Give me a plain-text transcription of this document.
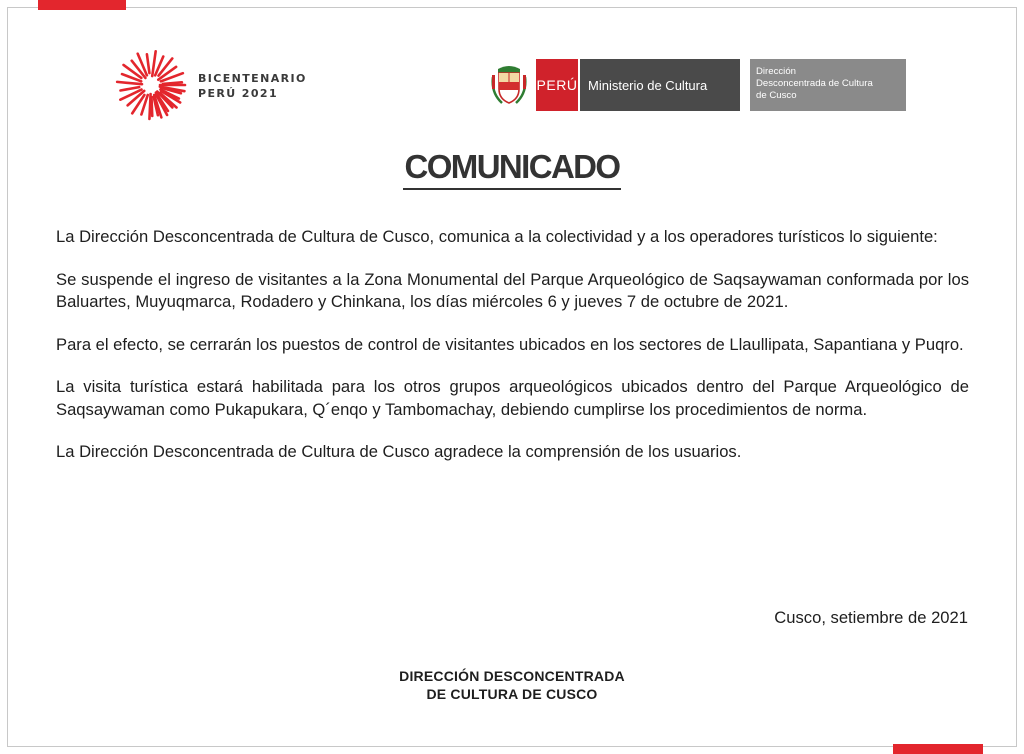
BICENTENARIO
PERÚ 2021
PERÚ Ministerio de Cultura
Dirección
Desconcentrada de Cultura
de Cusco
COMUNICADO

La Dirección Desconcentrada de Cultura de Cusco, comunica a la colectividad y a los operadores turísticos lo siguiente:

Se suspende el ingreso de visitantes a la Zona Monumental del Parque Arqueológico de Saqsaywaman conformada por los Baluartes, Muyuqmarca, Rodadero y Chinkana, los días miércoles 6 y jueves 7 de octubre de 2021.

Para el efecto, se cerrarán los puestos de control de visitantes ubicados en los sectores de Llaullipata, Sapantiana y Puqro.

La visita turística estará habilitada para los otros grupos arqueológicos ubicados dentro del Parque Arqueológico de Saqsaywaman como Pukapukara, Q´enqo y Tambomachay, debiendo cumplirse los procedimientos de norma.

La Dirección Desconcentrada de Cultura de Cusco agradece la comprensión de los usuarios.

Cusco, setiembre de 2021
DIRECCIÓN DESCONCENTRADA
DE CULTURA DE CUSCO
